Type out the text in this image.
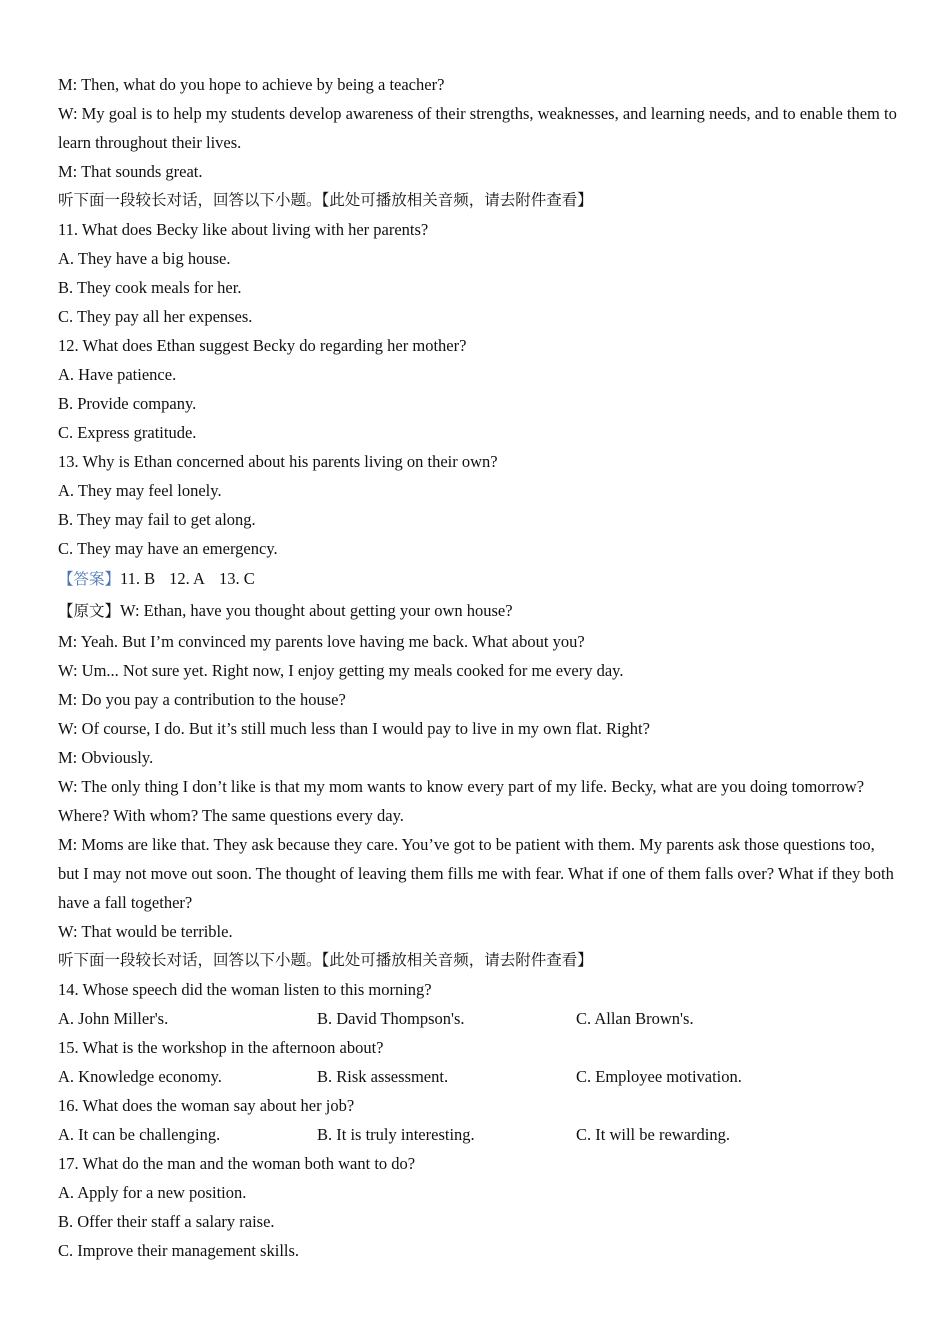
M: Then, what do you hope to achieve by being a teacher?
W: My goal is to help my students develop awareness of their strengths, weaknesses, and learning needs, and to enable them to learn throughout their lives.
M: That sounds great.
听下面一段较长对话，回答以下小题。【此处可播放相关音频，请去附件查看】
11. What does Becky like about living with her parents?
A. They have a big house.
B. They cook meals for her.
C. They pay all her expenses.
12. What does Ethan suggest Becky do regarding her mother?
A. Have patience.
B. Provide company.
C. Express gratitude.
13. Why is Ethan concerned about his parents living on their own?
A. They may feel lonely.
B. They may fail to get along.
C. They may have an emergency.
【答案】11. B 12. A 13. C
【原文】W: Ethan, have you thought about getting your own house?
M: Yeah. But I’m convinced my parents love having me back. What about you?
W: Um... Not sure yet. Right now, I enjoy getting my meals cooked for me every day.
M: Do you pay a contribution to the house?
W: Of course, I do. But it’s still much less than I would pay to live in my own flat. Right?
M: Obviously.
W: The only thing I don’t like is that my mom wants to know every part of my life. Becky, what are you doing tomorrow? Where? With whom? The same questions every day.
M: Moms are like that. They ask because they care. You’ve got to be patient with them. My parents ask those questions too, but I may not move out soon. The thought of leaving them fills me with fear. What if one of them falls over? What if they both have a fall together?
W: That would be terrible.
听下面一段较长对话，回答以下小题。【此处可播放相关音频，请去附件查看】
14. Whose speech did the woman listen to this morning?
A. John Miller's.	B. David Thompson's.	C. Allan Brown's.
15. What is the workshop in the afternoon about?
A. Knowledge economy.	B. Risk assessment.	C. Employee motivation.
16. What does the woman say about her job?
A. It can be challenging.	B. It is truly interesting.	C. It will be rewarding.
17. What do the man and the woman both want to do?
A. Apply for a new position.
B. Offer their staff a salary raise.
C. Improve their management skills.
